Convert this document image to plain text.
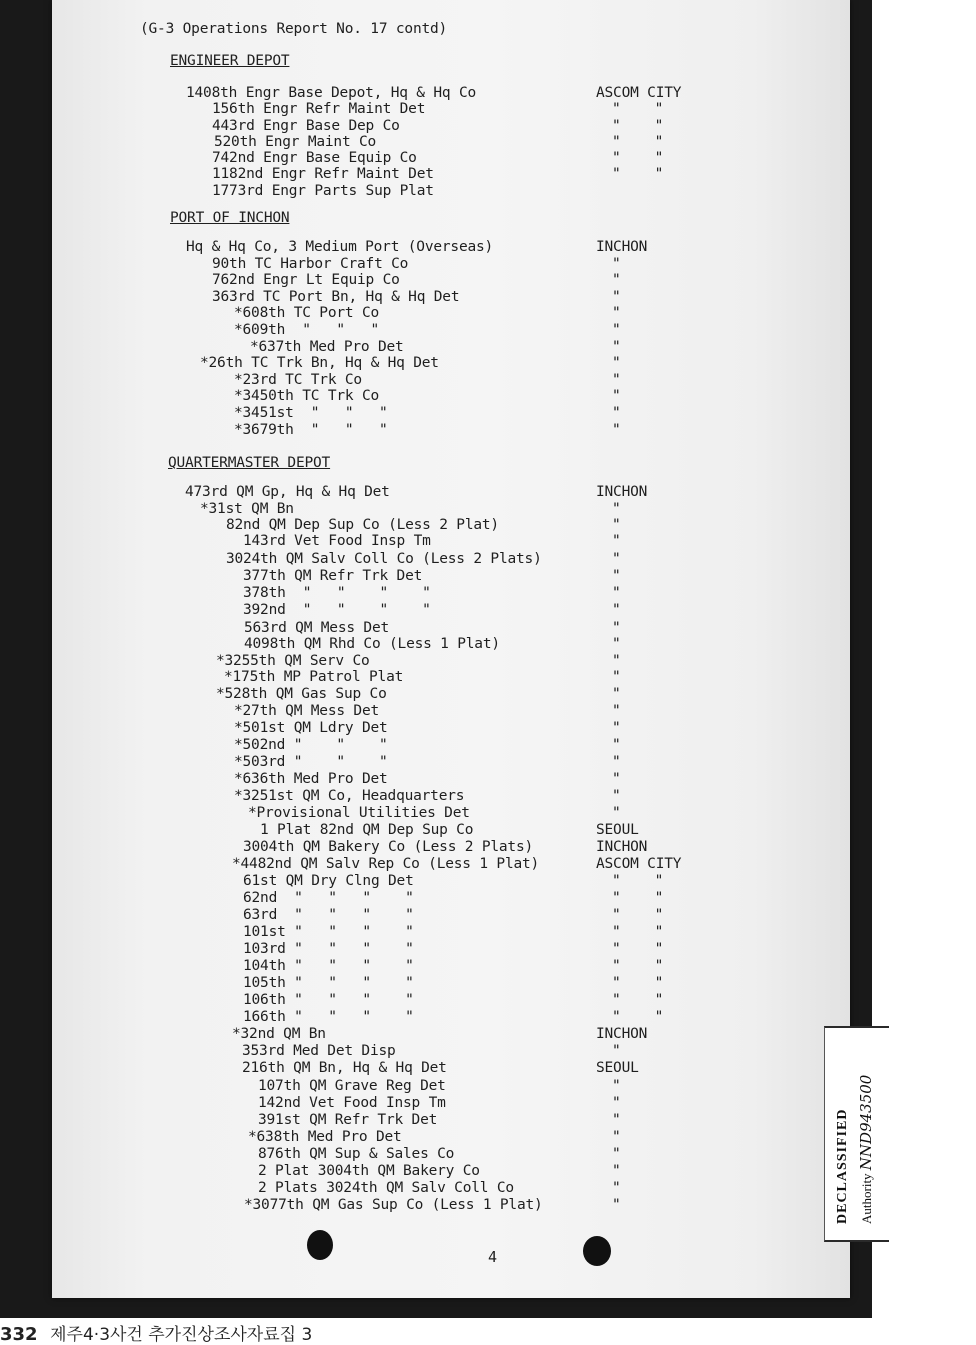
(G-3 Operations Report No. 17 contd)
ENGINEER DEPOT
1408th Engr Base Depot, Hq & Hq Co	ASCOM CITY
156th Engr Refr Maint Det	"    "
443rd Engr Base Dep Co	"    "
520th Engr Maint Co	"    "
742nd Engr Base Equip Co	"    "
1182nd Engr Refr Maint Det	"    "
1773rd Engr Parts Sup Plat
PORT OF INCHON
Hq & Hq Co, 3 Medium Port (Overseas)	INCHON
90th TC Harbor Craft Co	"
762nd Engr Lt Equip Co	"
363rd TC Port Bn, Hq & Hq Det	"
*608th TC Port Co	"
*609th  "   "   "	"
*637th Med Pro Det	"
*26th TC Trk Bn, Hq & Hq Det	"
*23rd TC Trk Co	"
*3450th TC Trk Co	"
*3451st  "   "   "	"
*3679th  "   "   "	"
QUARTERMASTER DEPOT
473rd QM Gp, Hq & Hq Det	INCHON
*31st QM Bn	"
82nd QM Dep Sup Co (Less 2 Plat)	"
143rd Vet Food Insp Tm	"
3024th QM Salv Coll Co (Less 2 Plats)	"
377th QM Refr Trk Det	"
378th  "   "    "    "	"
392nd  "   "    "    "	"
563rd QM Mess Det	"
4098th QM Rhd Co (Less 1 Plat)	"
*3255th QM Serv Co	"
*175th MP Patrol Plat	"
*528th QM Gas Sup Co	"
*27th QM Mess Det	"
*501st QM Ldry Det	"
*502nd "    "    "	"
*503rd "    "    "	"
*636th Med Pro Det	"
*3251st QM Co, Headquarters	"
*Provisional Utilities Det	"
1 Plat 82nd QM Dep Sup Co	SEOUL
3004th QM Bakery Co (Less 2 Plats)	INCHON
*4482nd QM Salv Rep Co (Less 1 Plat)	ASCOM CITY
61st QM Dry Clng Det	"    "
62nd  "   "   "    "	"    "
63rd  "   "   "    "	"    "
101st "   "   "    "	"    "
103rd "   "   "    "	"    "
104th "   "   "    "	"    "
105th "   "   "    "	"    "
106th "   "   "    "	"    "
166th "   "   "    "	"    "
*32nd QM Bn	INCHON
353rd Med Det Disp	"
216th QM Bn, Hq & Hq Det	SEOUL
107th QM Grave Reg Det	"
142nd Vet Food Insp Tm	"
391st QM Refr Trk Det	"
*638th Med Pro Det	"
876th QM Sup & Sales Co	"
2 Plat 3004th QM Bakery Co	"
2 Plats 3024th QM Salv Coll Co	"
*3077th QM Gas Sup Co (Less 1 Plat)	"	DECLASSIFIED Authority NND943500
4
332 제주4·3사건 추가진상조사자료집 3
